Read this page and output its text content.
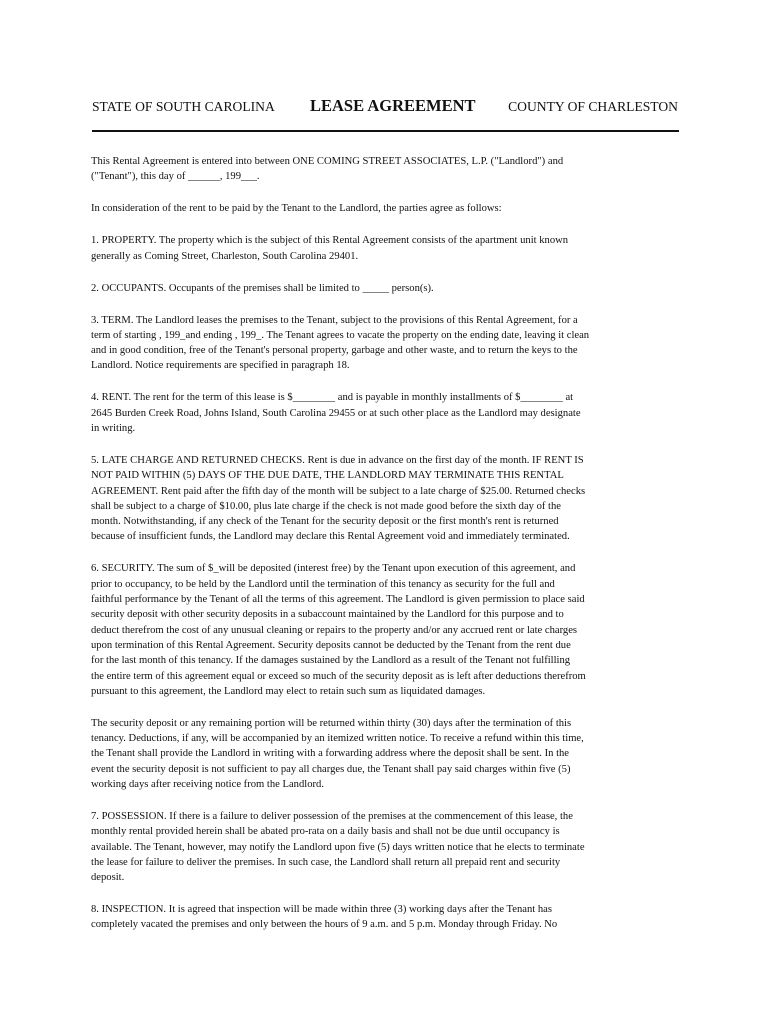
STATE OF SOUTH CAROLINA LEASE AGREEMENT COUNTY OF CHARLESTON

This Rental Agreement is entered into between ONE COMING STREET ASSOCIATES, L.P. ("Landlord") and
("Tenant"), this day of ______, 199___.

In consideration of the rent to be paid by the Tenant to the Landlord, the parties agree as follows:

1. PROPERTY. The property which is the subject of this Rental Agreement consists of the apartment unit known
generally as Coming Street, Charleston, South Carolina 29401.

2. OCCUPANTS. Occupants of the premises shall be limited to _____ person(s).

3. TERM. The Landlord leases the premises to the Tenant, subject to the provisions of this Rental Agreement, for a
term of starting , 199_and ending , 199_. The Tenant agrees to vacate the property on the ending date, leaving it clean
and in good condition, free of the Tenant's personal property, garbage and other waste, and to return the keys to the
Landlord. Notice requirements are specified in paragraph 18.

4. RENT. The rent for the term of this lease is $________ and is payable in monthly installments of $________ at
2645 Burden Creek Road, Johns Island, South Carolina 29455 or at such other place as the Landlord may designate
in writing.

5. LATE CHARGE AND RETURNED CHECKS. Rent is due in advance on the first day of the month. IF RENT IS
NOT PAID WITHIN (5) DAYS OF THE DUE DATE, THE LANDLORD MAY TERMINATE THIS RENTAL
AGREEMENT. Rent paid after the fifth day of the month will be subject to a late charge of $25.00. Returned checks
shall be subject to a charge of $10.00, plus late charge if the check is not made good before the sixth day of the
month. Notwithstanding, if any check of the Tenant for the security deposit or the first month's rent is returned
because of insufficient funds, the Landlord may declare this Rental Agreement void and immediately terminated.

6. SECURITY. The sum of $_will be deposited (interest free) by the Tenant upon execution of this agreement, and
prior to occupancy, to be held by the Landlord until the termination of this tenancy as security for the full and
faithful performance by the Tenant of all the terms of this agreement. The Landlord is given permission to place said
security deposit with other security deposits in a subaccount maintained by the Landlord for this purpose and to
deduct therefrom the cost of any unusual cleaning or repairs to the property and/or any accrued rent or late charges
upon termination of this Rental Agreement. Security deposits cannot be deducted by the Tenant from the rent due
for the last month of this tenancy. If the damages sustained by the Landlord as a result of the Tenant not fulfilling
the entire term of this agreement equal or exceed so much of the security deposit as is left after deductions therefrom
pursuant to this agreement, the Landlord may elect to retain such sum as liquidated damages.

The security deposit or any remaining portion will be returned within thirty (30) days after the termination of this
tenancy. Deductions, if any, will be accompanied by an itemized written notice. To receive a refund within this time,
the Tenant shall provide the Landlord in writing with a forwarding address where the deposit shall be sent. In the
event the security deposit is not sufficient to pay all charges due, the Tenant shall pay said charges within five (5)
working days after receiving notice from the Landlord.

7. POSSESSION. If there is a failure to deliver possession of the premises at the commencement of this lease, the
monthly rental provided herein shall be abated pro-rata on a daily basis and shall not be due until occupancy is
available. The Tenant, however, may notify the Landlord upon five (5) days written notice that he elects to terminate
the lease for failure to deliver the premises. In such case, the Landlord shall return all prepaid rent and security
deposit.

8. INSPECTION. It is agreed that inspection will be made within three (3) working days after the Tenant has
completely vacated the premises and only between the hours of 9 a.m. and 5 p.m. Monday through Friday. No
